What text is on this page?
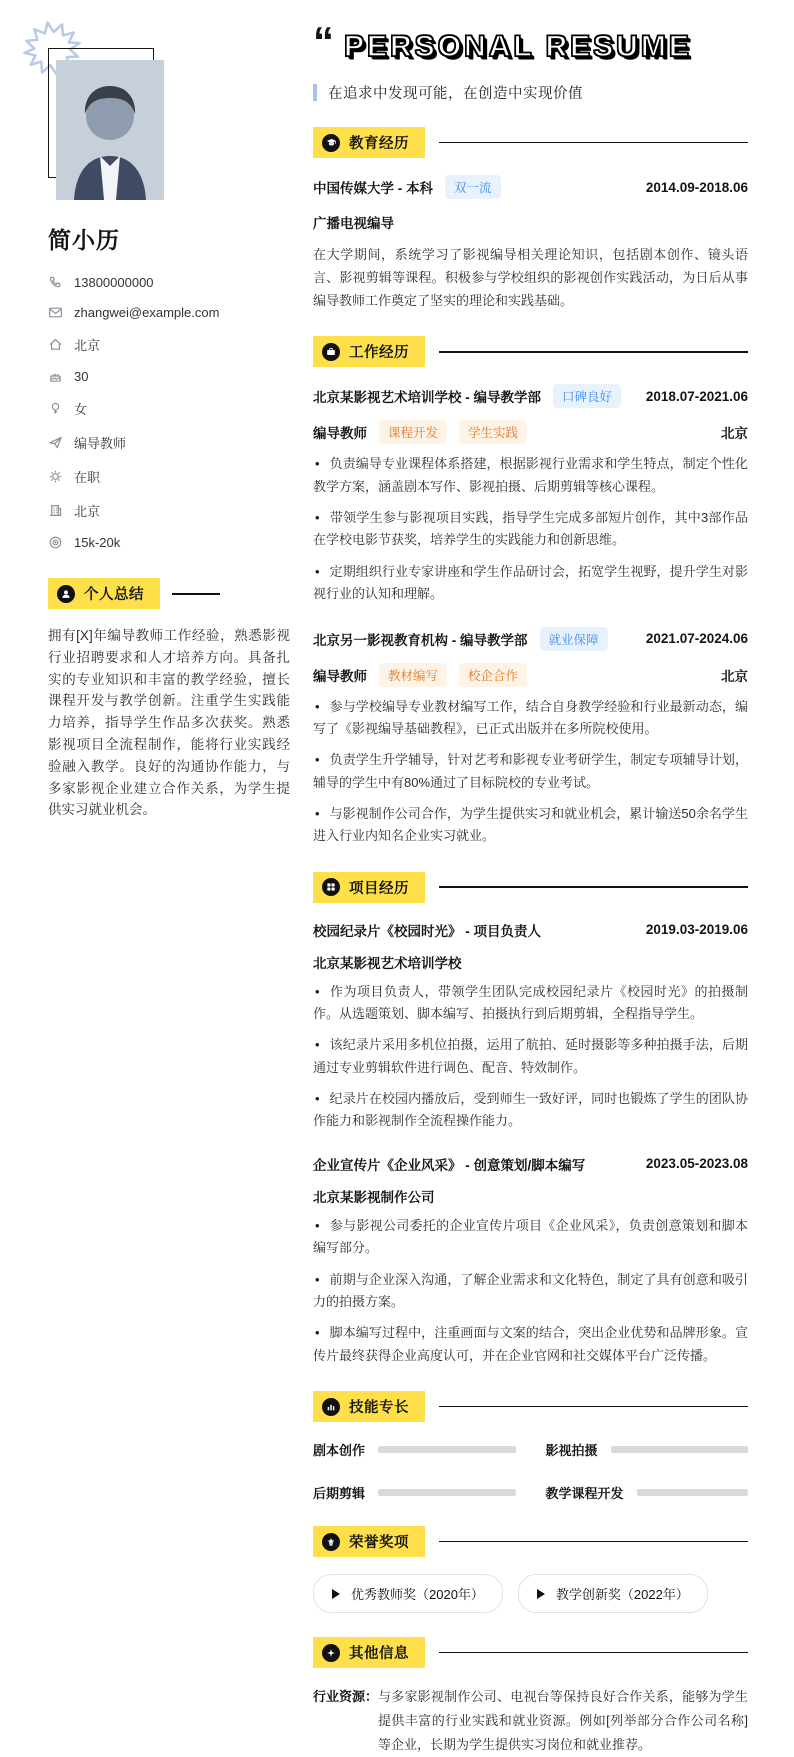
简小历
13800000000
zhangwei@example.com
北京
30
女
编导教师
在职
北京
15k-20k
个人总结

拥有[X]年编导教师工作经验，熟悉影视行业招聘要求和人才培养方向。具备扎实的专业知识和丰富的教学经验，擅长课程开发与教学创新。注重学生实践能力培养，指导学生作品多次获奖。熟悉影视项目全流程制作，能将行业实践经验融入教学。良好的沟通协作能力，与多家影视企业建立合作关系，为学生提供实习就业机会。

“ PERSONAL RESUME
在追求中发现可能，在创造中实现价值
教育经历
中国传媒大学 - 本科	双一流	2014.09-2018.06
广播电视编导

在大学期间，系统学习了影视编导相关理论知识，包括剧本创作、镜头语言、影视剪辑等课程。积极参与学校组织的影视创作实践活动，为日后从事编导教师工作奠定了坚实的理论和实践基础。

工作经历
北京某影视艺术培训学校 - 编导教学部	口碑良好	2018.07-2021.06
编导教师	课程开发	学生实践	北京

• 负责编导专业课程体系搭建，根据影视行业需求和学生特点，制定个性化教学方案，涵盖剧本写作、影视拍摄、后期剪辑等核心课程。

• 带领学生参与影视项目实践，指导学生完成多部短片创作，其中3部作品在学校电影节获奖，培养学生的实践能力和创新思维。

• 定期组织行业专家讲座和学生作品研讨会，拓宽学生视野，提升学生对影视行业的认知和理解。

北京另一影视教育机构 - 编导教学部	就业保障	2021.07-2024.06
编导教师	教材编写	校企合作	北京

• 参与学校编导专业教材编写工作，结合自身教学经验和行业最新动态，编写了《影视编导基础教程》，已正式出版并在多所院校使用。

• 负责学生升学辅导，针对艺考和影视专业考研学生，制定专项辅导计划，辅导的学生中有80%通过了目标院校的专业考试。

• 与影视制作公司合作，为学生提供实习和就业机会，累计输送50余名学生进入行业内知名企业实习就业。

项目经历
校园纪录片《校园时光》 - 项目负责人	2019.03-2019.06
北京某影视艺术培训学校

• 作为项目负责人，带领学生团队完成校园纪录片《校园时光》的拍摄制作。从选题策划、脚本编写、拍摄执行到后期剪辑，全程指导学生。

• 该纪录片采用多机位拍摄，运用了航拍、延时摄影等多种拍摄手法，后期通过专业剪辑软件进行调色、配音、特效制作。

• 纪录片在校园内播放后，受到师生一致好评，同时也锻炼了学生的团队协作能力和影视制作全流程操作能力。

企业宣传片《企业风采》 - 创意策划/脚本编写	2023.05-2023.08
北京某影视制作公司

• 参与影视公司委托的企业宣传片项目《企业风采》，负责创意策划和脚本编写部分。

• 前期与企业深入沟通，了解企业需求和文化特色，制定了具有创意和吸引力的拍摄方案。

• 脚本编写过程中，注重画面与文案的结合，突出企业优势和品牌形象。宣传片最终获得企业高度认可，并在企业官网和社交媒体平台广泛传播。

技能专长
剧本创作	影视拍摄
后期剪辑	教学课程开发
荣誉奖项
优秀教师奖（2020年）	教学创新奖（2022年）
其他信息
行业资源： 与多家影视制作公司、电视台等保持良好合作关系，能够为学生提供丰富的行业实践和就业资源。例如[列举部分合作公司名称]等企业，长期为学生提供实习岗位和就业推荐。
